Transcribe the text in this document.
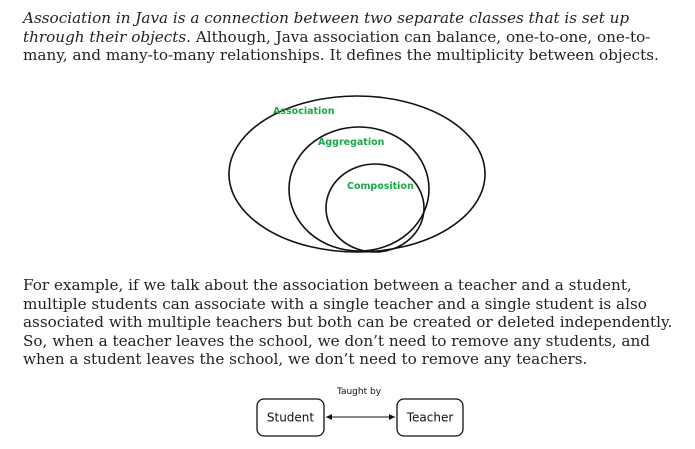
Association in Java is a connection between two separate classes that is set up through their objects. Although, Java association can balance, one-to-one, one-to-many, and many-to-many relationships. It defines the multiplicity between objects.

Association
Aggregation
Composition

For example, if we talk about the association between a teacher and a student, multiple students can associate with a single teacher and a single student is also associated with multiple teachers but both can be created or deleted independently. So, when a teacher leaves the school, we don’t need to remove any students, and when a student leaves the school, we don’t need to remove any teachers.

Student	Teacher
Taught by
